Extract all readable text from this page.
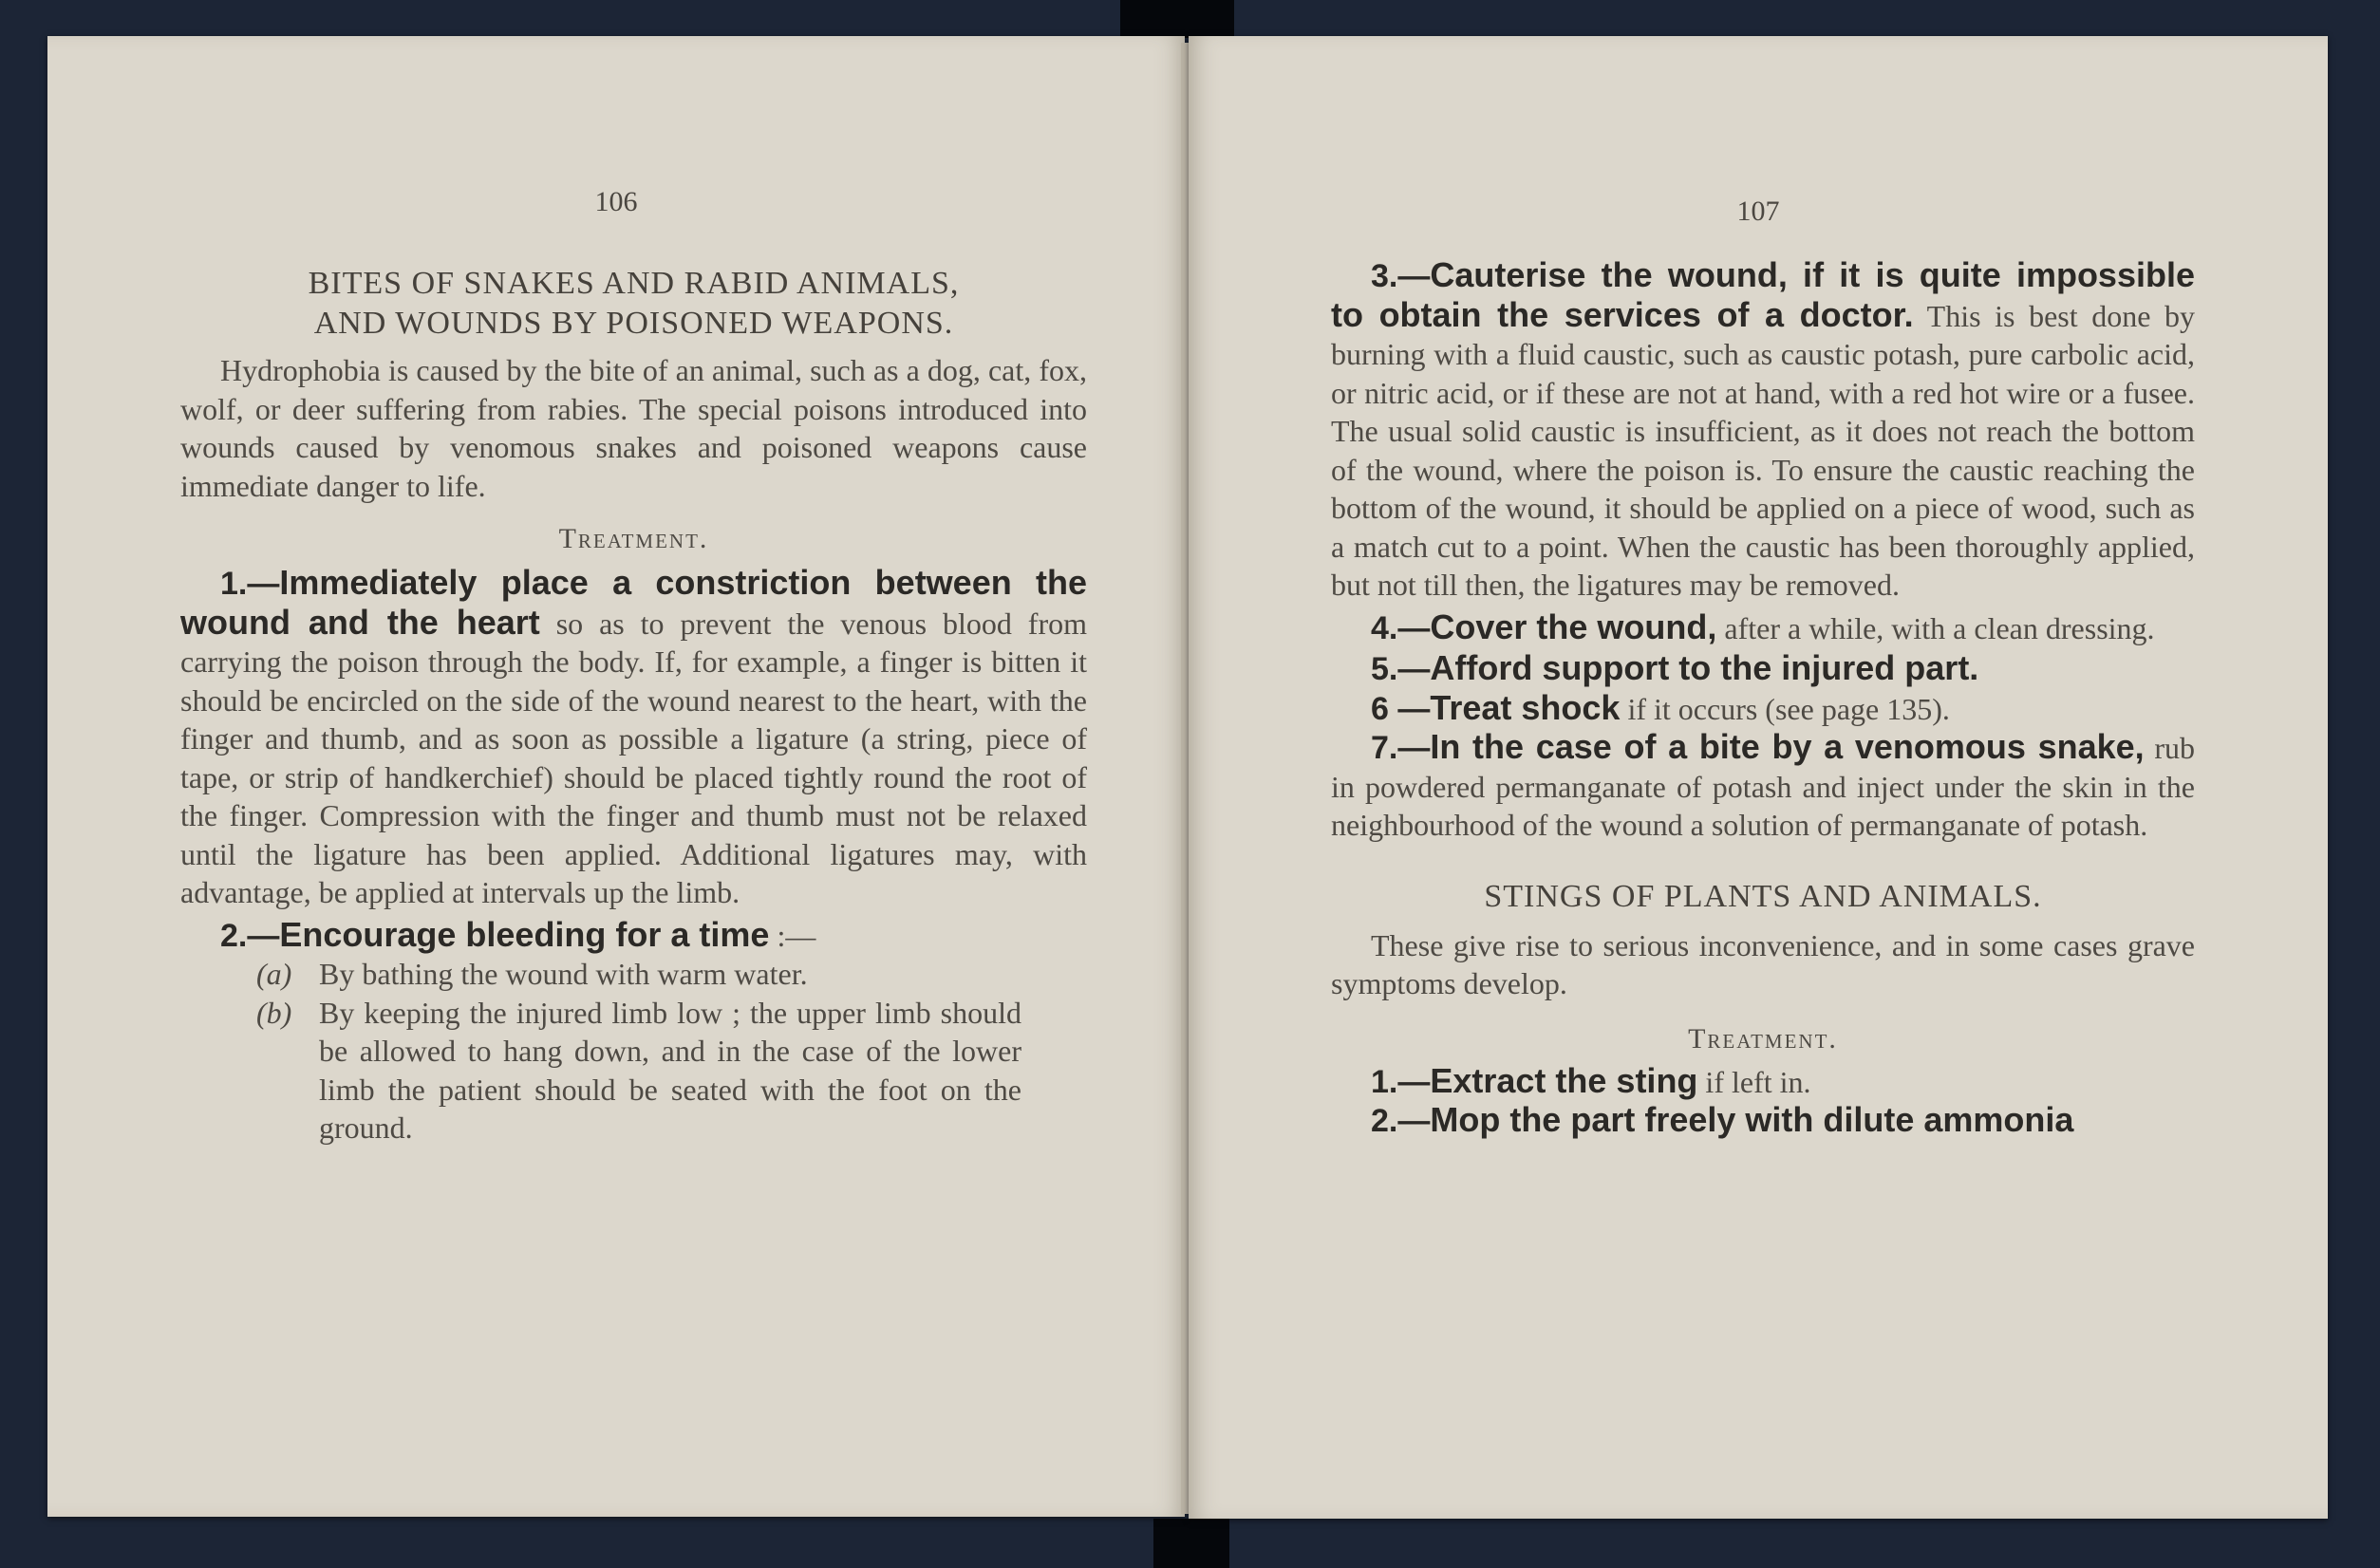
106

BITES OF SNAKES AND RABID ANIMALS,

AND WOUNDS BY POISONED WEAPONS.

Hydrophobia is caused by the bite of an animal, such as a dog, cat, fox, wolf, or deer suffering from rabies. The special poisons introduced into wounds caused by venomous snakes and poisoned weapons cause immediate danger to life.

Treatment.

1.—Immediately place a constriction between the wound and the heart so as to prevent the venous blood from carrying the poison through the body. If, for example, a finger is bitten it should be encircled on the side of the wound nearest to the heart, with the finger and thumb, and as soon as possible a ligature (a string, piece of tape, or strip of handkerchief) should be placed tightly round the root of the finger. Compression with the finger and thumb must not be relaxed until the ligature has been applied. Additional ligatures may, with advantage, be applied at intervals up the limb.

2.—Encourage bleeding for a time :—

(a) By bathing the wound with warm water.

(b) By keeping the injured limb low ; the upper limb should be allowed to hang down, and in the case of the lower limb the patient should be seated with the foot on the ground.

107

3.—Cauterise the wound, if it is quite impossible to obtain the services of a doctor. This is best done by burning with a fluid caustic, such as caustic potash, pure carbolic acid, or nitric acid, or if these are not at hand, with a red hot wire or a fusee. The usual solid caustic is insufficient, as it does not reach the bottom of the wound, where the poison is. To ensure the caustic reaching the bottom of the wound, it should be applied on a piece of wood, such as a match cut to a point. When the caustic has been thoroughly applied, but not till then, the ligatures may be removed.

4.—Cover the wound, after a while, with a clean dressing.

5.—Afford support to the injured part.

6 —Treat shock if it occurs (see page 135).

7.—In the case of a bite by a venomous snake, rub in powdered permanganate of potash and inject under the skin in the neighbourhood of the wound a solution of permanganate of potash.

STINGS OF PLANTS AND ANIMALS.

These give rise to serious inconvenience, and in some cases grave symptoms develop.

Treatment.

1.—Extract the sting if left in.

2.—Mop the part freely with dilute ammonia
